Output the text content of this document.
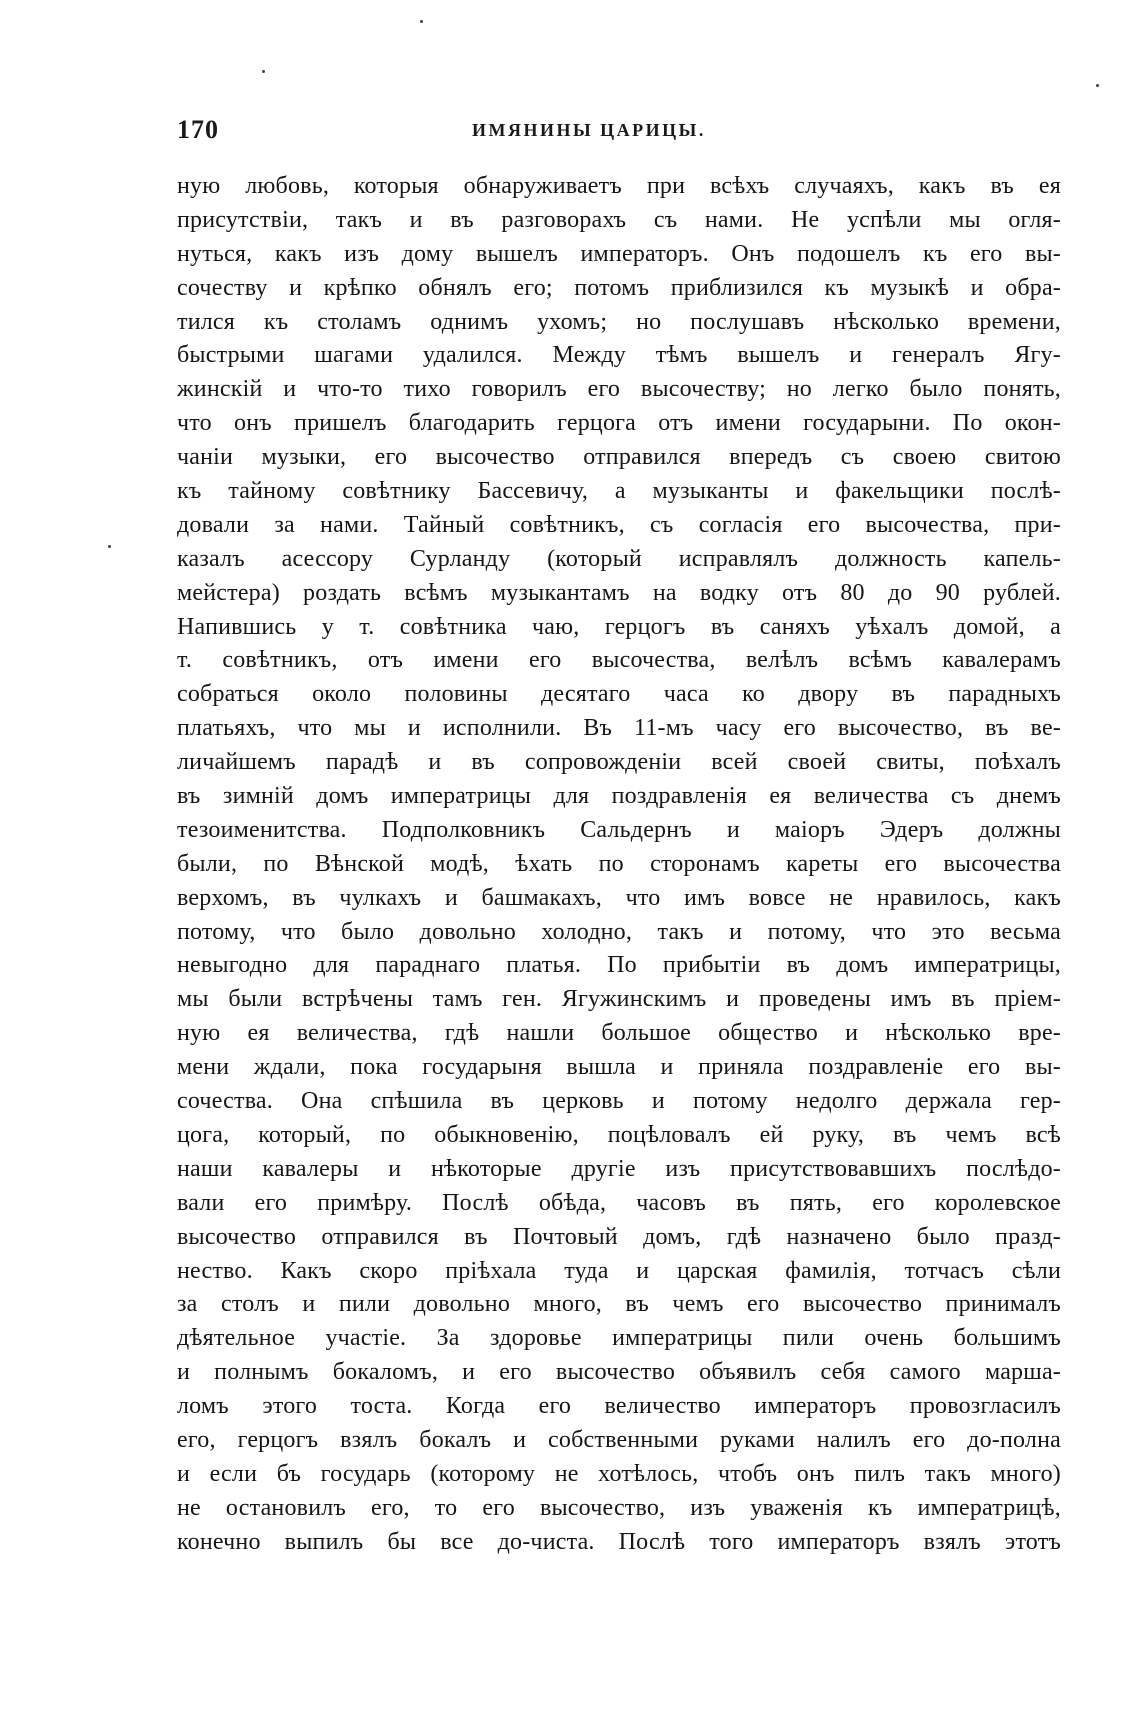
170	ИМЯНИНЫ ЦАРИЦЫ.
ную любовь, которыя обнаруживаетъ при всѣхъ случаяхъ, какъ въ ея
присутствіи, такъ и въ разговорахъ съ нами. Не успѣли мы огля-
нуться, какъ изъ дому вышелъ императоръ. Онъ подошелъ къ его вы-
сочеству и крѣпко обнялъ его; потомъ приблизился къ музыкѣ и обра-
тился къ столамъ однимъ ухомъ; но послушавъ нѣсколько времени,
быстрыми шагами удалился. Между тѣмъ вышелъ и генералъ Ягу-
жинскій и что-то тихо говорилъ его высочеству; но легко было понять,
что онъ пришелъ благодарить герцога отъ имени государыни. По окон-
чаніи музыки, его высочество отправился впередъ съ своею свитою
къ тайному совѣтнику Бассевичу, а музыканты и факельщики послѣ-
довали за нами. Тайный совѣтникъ, съ согласія его высочества, при-
казалъ асессору Сурланду (который исправлялъ должность капель-
мейстера) роздать всѣмъ музыкантамъ на водку отъ 80 до 90 рублей.
Напившись у т. совѣтника чаю, герцогъ въ саняхъ уѣхалъ домой, а
т. совѣтникъ, отъ имени его высочества, велѣлъ всѣмъ кавалерамъ
собраться около половины десятаго часа ко двору въ парадныхъ
платьяхъ, что мы и исполнили. Въ 11-мъ часу его высочество, въ ве-
личайшемъ парадѣ и въ сопровожденіи всей своей свиты, поѣхалъ
въ зимній домъ императрицы для поздравленія ея величества съ днемъ
тезоименитства. Подполковникъ Сальдернъ и маіоръ Эдеръ должны
были, по Вѣнской модѣ, ѣхать по сторонамъ кареты его высочества
верхомъ, въ чулкахъ и башмакахъ, что имъ вовсе не нравилось, какъ
потому, что было довольно холодно, такъ и потому, что это весьма
невыгодно для параднаго платья. По прибытіи въ домъ императрицы,
мы были встрѣчены тамъ ген. Ягужинскимъ и проведены имъ въ пріем-
ную ея величества, гдѣ нашли большое общество и нѣсколько вре-
мени ждали, пока государыня вышла и приняла поздравленіе его вы-
сочества. Она спѣшила въ церковь и потому недолго держала гер-
цога, который, по обыкновенію, поцѣловалъ ей руку, въ чемъ всѣ
наши кавалеры и нѣкоторые другіе изъ присутствовавшихъ послѣдо-
вали его примѣру. Послѣ обѣда, часовъ въ пять, его королевское
высочество отправился въ Почтовый домъ, гдѣ назначено было празд-
нество. Какъ скоро пріѣхала туда и царская фамилія, тотчасъ сѣли
за столъ и пили довольно много, въ чемъ его высочество принималъ
дѣятельное участіе. За здоровье императрицы пили очень большимъ
и полнымъ бокаломъ, и его высочество объявилъ себя самого марша-
ломъ этого тоста. Когда его величество императоръ провозгласилъ
его, герцогъ взялъ бокалъ и собственными руками налилъ его до-полна
и если бъ государь (которому не хотѣлось, чтобъ онъ пилъ такъ много)
не остановилъ его, то его высочество, изъ уваженія къ императрицѣ,
конечно выпилъ бы все до-чиста. Послѣ того императоръ взялъ этотъ
